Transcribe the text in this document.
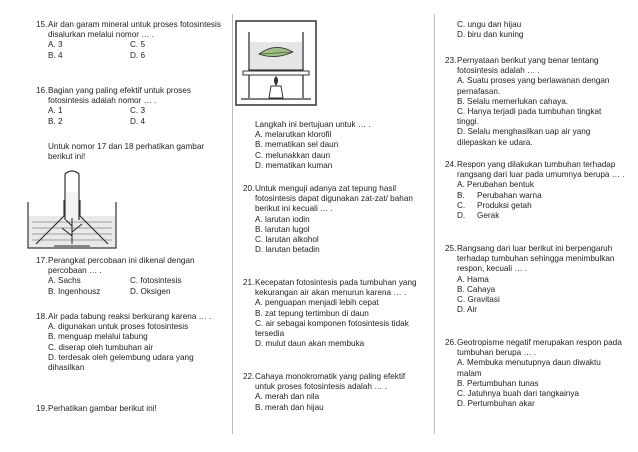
15. Air dan garam mineral untuk proses fotosintesis disalurkan melalui nomor … .
A. 3	C. 5
B. 4	D. 6
16. Bagian yang paling efektif untuk proses fotosintesis adalah nomor … .
A. 1	C. 3
B. 2	D. 4
Untuk nomor 17 dan 18 perhatikan gambar berikut ini!
17. Perangkat percobaan ini dikenal dengan percobaan … .
A. Sachs	C. fotosintesis
B. Ingenhousz	D. Oksigen
18. Air pada tabung reaksi berkurang karena … .
A. digunakan untuk proses fotosintesis
B. menguap melalui tabung
C. diserap oleh tumbuhan air
D. terdesak oleh gelembung udara yang dihasilkan
19. Perhatikan gambar berikut ini!
Langkah ini bertujuan untuk … .
A. melarutkan klorofil
B. mematikan sel daun
C. melunakkan daun
D. mematikan kuman
20. Untuk menguji adanya zat tepung hasil fotosintesis dapat digunakan zat-zat/ bahan berikut ini kecuali … .
A. larutan iodin
B. larutan lugol
C. larutan alkohol
D. larutan betadin
21. Kecepatan fotosintesis pada tumbuhan yang kekurangan air akan menurun karena … .
A. penguapan menjadi lebih cepat
B. zat tepung tertimbun di daun
C. air sebagai komponen fotosintesis tidak tersedia
D. mulut daun akan membuka
22. Cahaya monokromatik yang paling efektif untuk proses fotosintesis adalah … .
A. merah dan nila
B. merah dan hijau
C. ungu dan hijau
D. biru dan kuning
23. Pernyataan berikut yang benar tentang fotosintesis adalah … .
A. Suatu proses yang berlawanan dengan pernafasan.
B. Selalu memerlukan cahaya.
C. Hanya terjadi pada tumbuhan tingkat tinggi.
D. Selalu menghasilkan uap air yang dilepaskan ke udara.
24. Respon yang dilakukan tumbuhan terhadap rangsang dari luar pada umumnya berupa … .
A. Perubahan bentuk
B.	Perubahan warna
C.	Produksi getah
D.	Gerak
25. Rangsang dari luar berikut ini berpengaruh terhadap tumbuhan sehingga menimbulkan respon, kecuali … .
A. Hama
B. Cahaya
C. Gravitasi
D. Air
26. Geotropisme negatif merupakan respon pada tumbuhan berupa … .
A. Membuka menutupnya daun diwaktu malam
B. Pertumbuhan tunas
C. Jatuhnya buah dari tangkainya
D. Pertumbuhan akar
